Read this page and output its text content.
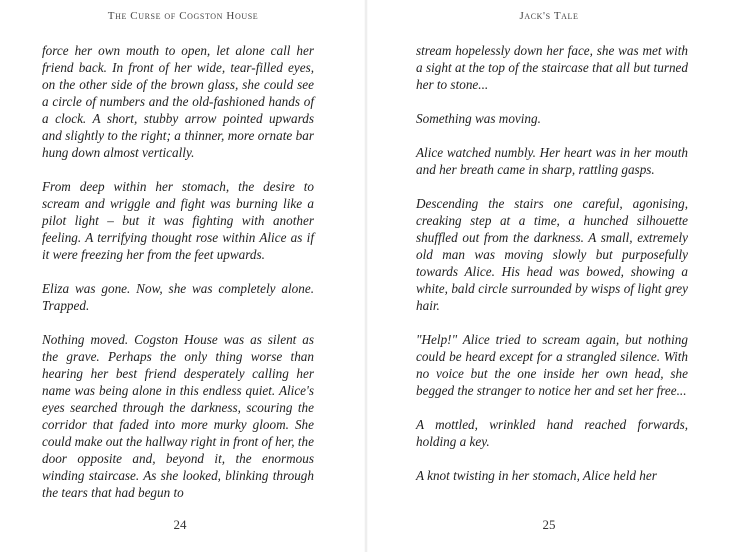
The Curse of Cogston House

force her own mouth to open, let alone call her friend back. In front of her wide, tear-filled eyes, on the other side of the brown glass, she could see a circle of numbers and the old-fashioned hands of a clock. A short, stubby arrow pointed upwards and slightly to the right; a thinner, more ornate bar hung down almost vertically.

From deep within her stomach, the desire to scream and wriggle and fight was burning like a pilot light – but it was fighting with another feeling. A terrifying thought rose within Alice as if it were freezing her from the feet upwards.

Eliza was gone. Now, she was completely alone. Trapped.

Nothing moved. Cogston House was as silent as the grave. Perhaps the only thing worse than hearing her best friend desperately calling her name was being alone in this endless quiet. Alice's eyes searched through the darkness, scouring the corridor that faded into more murky gloom. She could make out the hallway right in front of her, the door opposite and, beyond it, the enormous winding staircase. As she looked, blinking through the tears that had begun to

24
Jack's Tale

stream hopelessly down her face, she was met with a sight at the top of the staircase that all but turned her to stone...

Something was moving.

Alice watched numbly. Her heart was in her mouth and her breath came in sharp, rattling gasps.

Descending the stairs one careful, agonising, creaking step at a time, a hunched silhouette shuffled out from the darkness. A small, extremely old man was moving slowly but purposefully towards Alice. His head was bowed, showing a white, bald circle surrounded by wisps of light grey hair.

"Help!" Alice tried to scream again, but nothing could be heard except for a strangled silence. With no voice but the one inside her own head, she begged the stranger to notice her and set her free...

A mottled, wrinkled hand reached forwards, holding a key.

A knot twisting in her stomach, Alice held her

25
